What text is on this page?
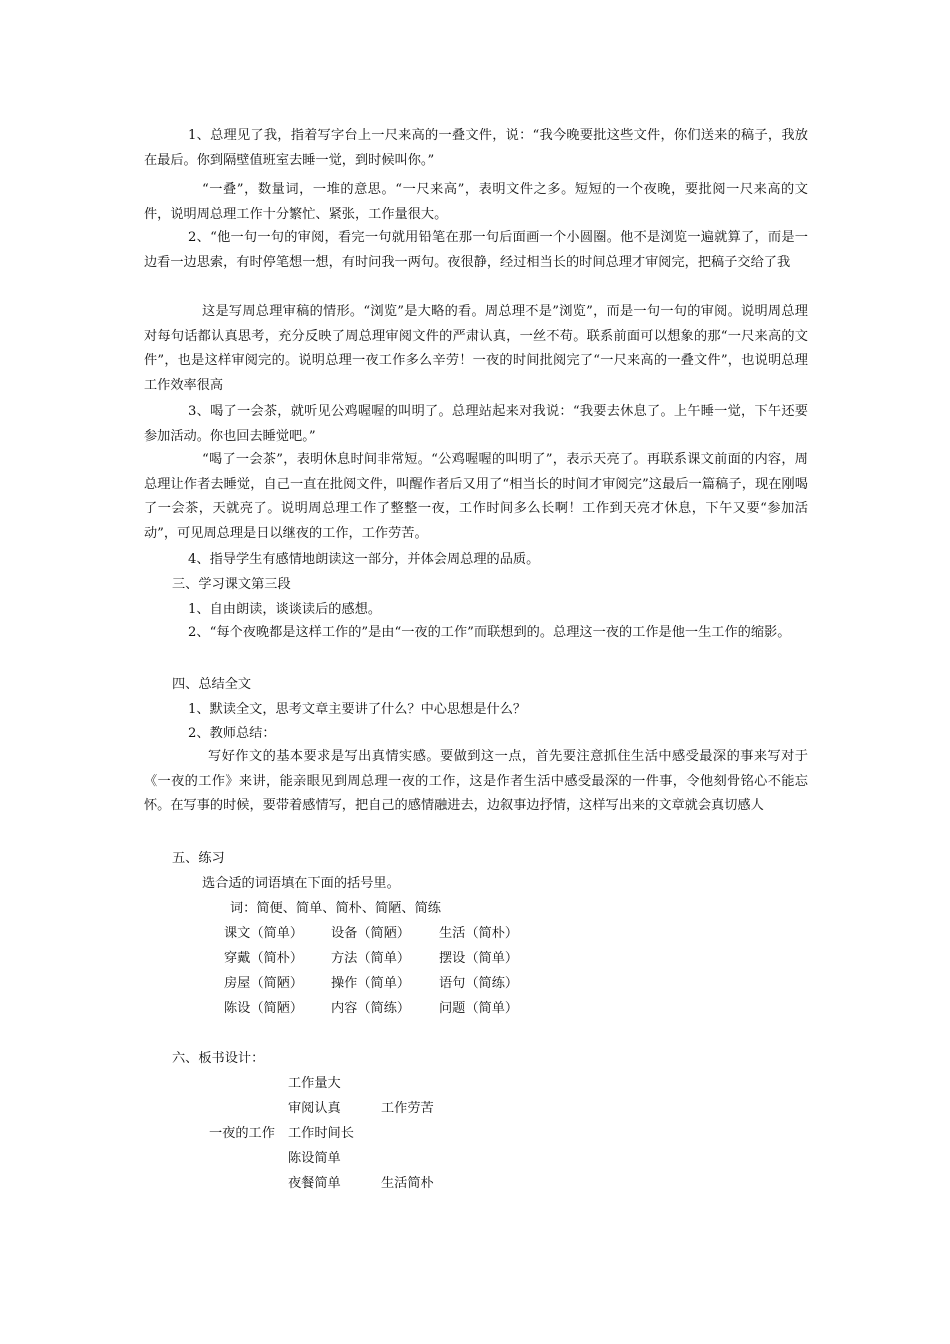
1、总理见了我，指着写字台上一尺来高的一叠文件，说：“我今晚要批这些文件，你们送来的稿子，我放在最后。你到隔壁值班室去睡一觉，到时候叫你。”

“一叠”，数量词，一堆的意思。“一尺来高”，表明文件之多。短短的一个夜晚，要批阅一尺来高的文件，说明周总理工作十分繁忙、紧张，工作量很大。

2、“他一句一句的审阅，看完一句就用铅笔在那一句后面画一个小圆圈。他不是浏览一遍就算了，而是一边看一边思索，有时停笔想一想，有时问我一两句。夜很静，经过相当长的时间总理才审阅完，把稿子交给了我

这是写周总理审稿的情形。“浏览”是大略的看。周总理不是”浏览”，而是一句一句的审阅。说明周总理对每句话都认真思考，充分反映了周总理审阅文件的严肃认真，一丝不苟。联系前面可以想象的那“一尺来高的文件”，也是这样审阅完的。说明总理一夜工作多么辛劳！一夜的时间批阅完了“一尺来高的一叠文件”，也说明总理工作效率很高

3、喝了一会茶，就听见公鸡喔喔的叫明了。总理站起来对我说：“我要去休息了。上午睡一觉，下午还要参加活动。你也回去睡觉吧。”

“喝了一会茶”，表明休息时间非常短。“公鸡喔喔的叫明了”，表示天亮了。再联系课文前面的内容，周总理让作者去睡觉，自己一直在批阅文件，叫醒作者后又用了“相当长的时间才审阅完”这最后一篇稿子，现在刚喝了一会茶，天就亮了。说明周总理工作了整整一夜，工作时间多么长啊！工作到天亮才休息，下午又要“参加活动”，可见周总理是日以继夜的工作，工作劳苦。

4、指导学生有感情地朗读这一部分，并体会周总理的品质。

三、学习课文第三段

1、自由朗读，谈谈读后的感想。

2、“每个夜晚都是这样工作的”是由“一夜的工作”而联想到的。总理这一夜的工作是他一生工作的缩影。

四、总结全文

1、默读全文，思考文章主要讲了什么？中心思想是什么？

2、教师总结：

写好作文的基本要求是写出真情实感。要做到这一点，首先要注意抓住生活中感受最深的事来写对于《一夜的工作》来讲，能亲眼见到周总理一夜的工作，这是作者生活中感受最深的一件事，令他刻骨铭心不能忘怀。在写事的时候，要带着感情写，把自己的感情融进去，边叙事边抒情，这样写出来的文章就会真切感人

五、练习

选合适的词语填在下面的括号里。

词：简便、简单、简朴、简陋、简练

课文（简单） 设备（简陋） 生活（简朴）

穿戴（简朴） 方法（简单） 摆设（简单）

房屋（简陋） 操作（简单） 语句（简练）

陈设（简陋） 内容（简练） 问题（简单）

六、板书设计：

工作量大

审阅认真	工作劳苦

一夜的工作 工作时间长

陈设简单

夜餐简单	生活简朴
